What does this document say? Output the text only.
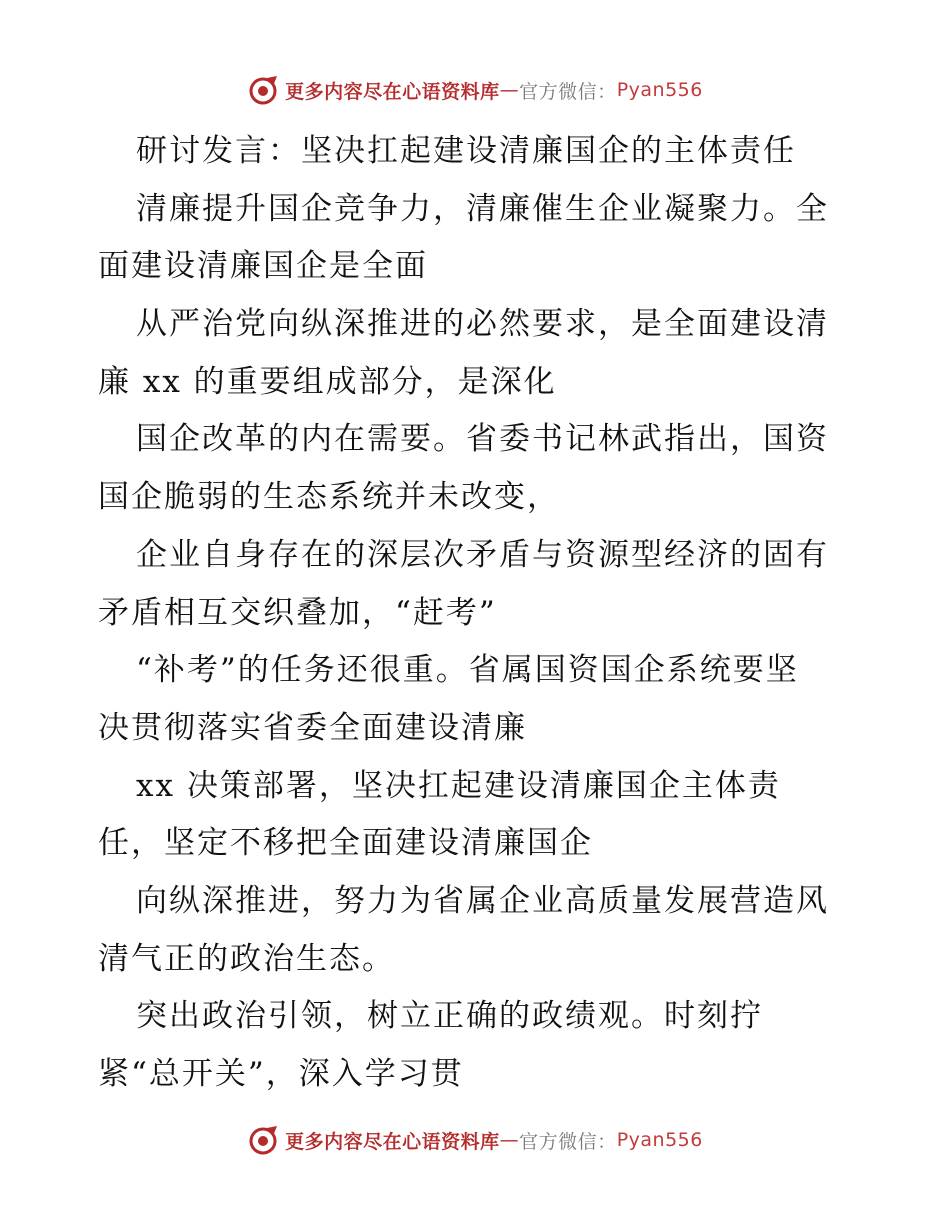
更多内容尽在心语资料库 — 官方微信： Pyan556
研讨发言：坚决扛起建设清廉国企的主体责任
清廉提升国企竞争力，清廉催生企业凝聚力。全
面建设清廉国企是全面
从严治党向纵深推进的必然要求，是全面建设清
廉 xx 的重要组成部分，是深化
国企改革的内在需要。省委书记林武指出，国资
国企脆弱的生态系统并未改变，
企业自身存在的深层次矛盾与资源型经济的固有
矛盾相互交织叠加，“赶考”
“补考”的任务还很重。省属国资国企系统要坚
决贯彻落实省委全面建设清廉
xx 决策部署，坚决扛起建设清廉国企主体责
任，坚定不移把全面建设清廉国企
向纵深推进，努力为省属企业高质量发展营造风
清气正的政治生态。
突出政治引领，树立正确的政绩观。时刻拧
紧“总开关”，深入学习贯
更多内容尽在心语资料库 — 官方微信： Pyan556
